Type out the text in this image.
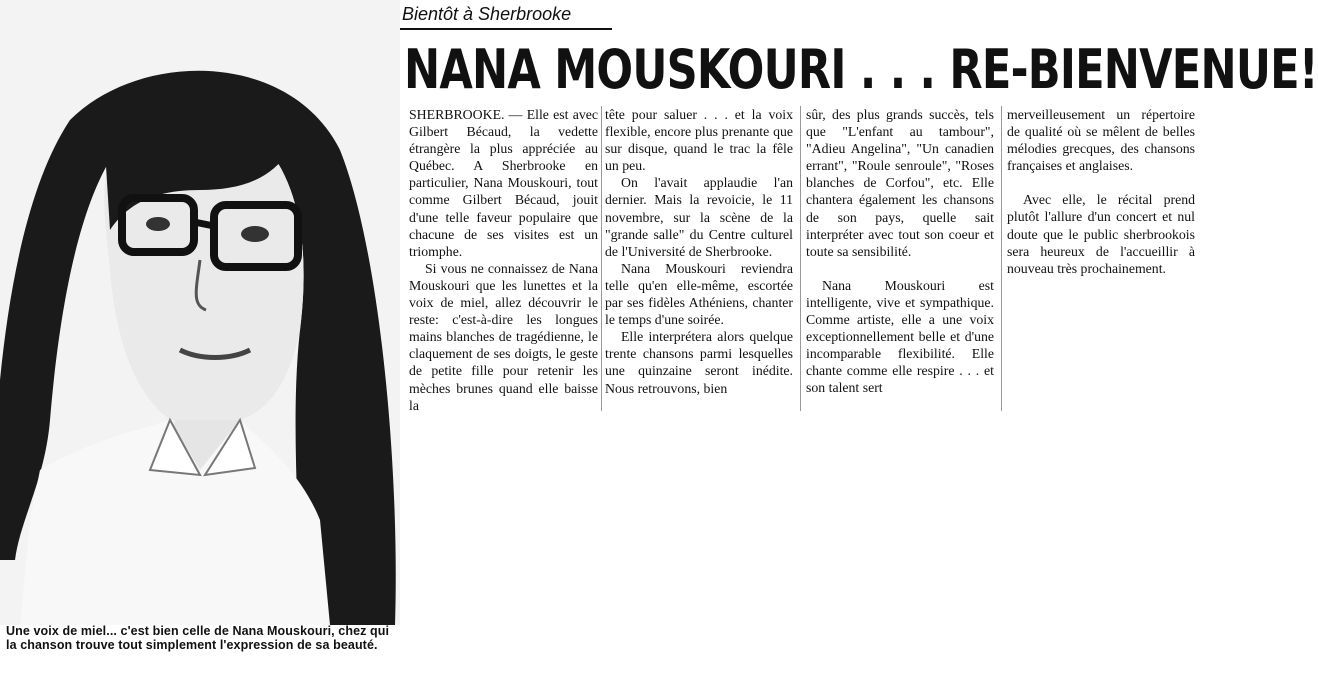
Une voix de miel... c'est bien celle de Nana Mouskouri, chez qui la chanson trouve tout simplement l'expression de sa beauté.
Bientôt à Sherbrooke
NANA MOUSKOURI . . . RE-BIENVENUE!

SHERBROOKE. — Elle est avec Gilbert Bécaud, la vedette étrangère la plus appréciée au Québec. A Sherbrooke en particulier, Nana Mouskouri, tout comme Gilbert Bécaud, jouit d'une telle faveur populaire que chacune de ses visites est un triomphe.

Si vous ne connaissez de Nana Mouskouri que les lunettes et la voix de miel, allez découvrir le reste: c'est-à-dire les longues mains blanches de tragédienne, le claquement de ses doigts, le geste de petite fille pour retenir les mèches brunes quand elle baisse la

tête pour saluer . . . et la voix flexible, encore plus prenante que sur disque, quand le trac la fêle un peu.

On l'avait applaudie l'an dernier. Mais la revoicie, le 11 novembre, sur la scène de la "grande salle" du Centre culturel de l'Université de Sherbrooke.

Nana Mouskouri reviendra telle qu'en elle-même, escortée par ses fidèles Athéniens, chanter le temps d'une soirée.

Elle interprétera alors quelque trente chansons parmi lesquelles une quinzaine seront inédite. Nous retrouvons, bien

sûr, des plus grands succès, tels que "L'enfant au tambour", "Adieu Angelina", "Un canadien errant", "Roule senroule", "Roses blanches de Corfou", etc. Elle chantera également les chansons de son pays, quelle sait interpréter avec tout son coeur et toute sa sensibilité.

Nana Mouskouri est intelligente, vive et sympathique. Comme artiste, elle a une voix exceptionnellement belle et d'une incomparable flexibilité. Elle chante comme elle respire . . . et son talent sert

merveilleusement un répertoire de qualité où se mêlent de belles mélodies grecques, des chansons françaises et anglaises.

Avec elle, le récital prend plutôt l'allure d'un concert et nul doute que le public sherbrookois sera heureux de l'accueillir à nouveau très prochainement.
